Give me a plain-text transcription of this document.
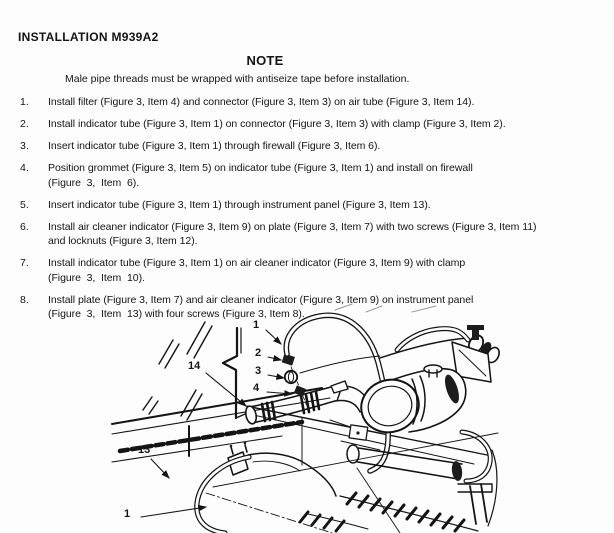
INSTALLATION M939A2
NOTE
Male pipe threads must be wrapped with antiseize tape before installation.
1. Install filter (Figure 3, Item 4) and connector (Figure 3, Item 3) on air tube (Figure 3, Item 14).
2. Install indicator tube (Figure 3, Item 1) on connector (Figure 3, Item 3) with clamp (Figure 3, Item 2).
3. Insert indicator tube (Figure 3, Item 1) through firewall (Figure 3, Item 6).
4. Position grommet (Figure 3, Item 5) on indicator tube (Figure 3, Item 1) and install on firewall
(Figure  3,  Item  6).
5. Insert indicator tube (Figure 3, Item 1) through instrument panel (Figure 3, Item 13).
6. Install air cleaner indicator (Figure 3, Item 9) on plate (Figure 3, Item 7) with two screws (Figure 3, Item 11)
and locknuts (Figure 3, Item 12).
7. Install indicator tube (Figure 3, Item 1) on air cleaner indicator (Figure 3, Item 9) with clamp
(Figure  3,  Item  10).
8. Install plate (Figure 3, Item 7) and air cleaner indicator (Figure 3, Item 9) on instrument panel
(Figure  3,  Item  13) with four screws (Figure 3, Item 8).
1
2
3
4
14
13
1
